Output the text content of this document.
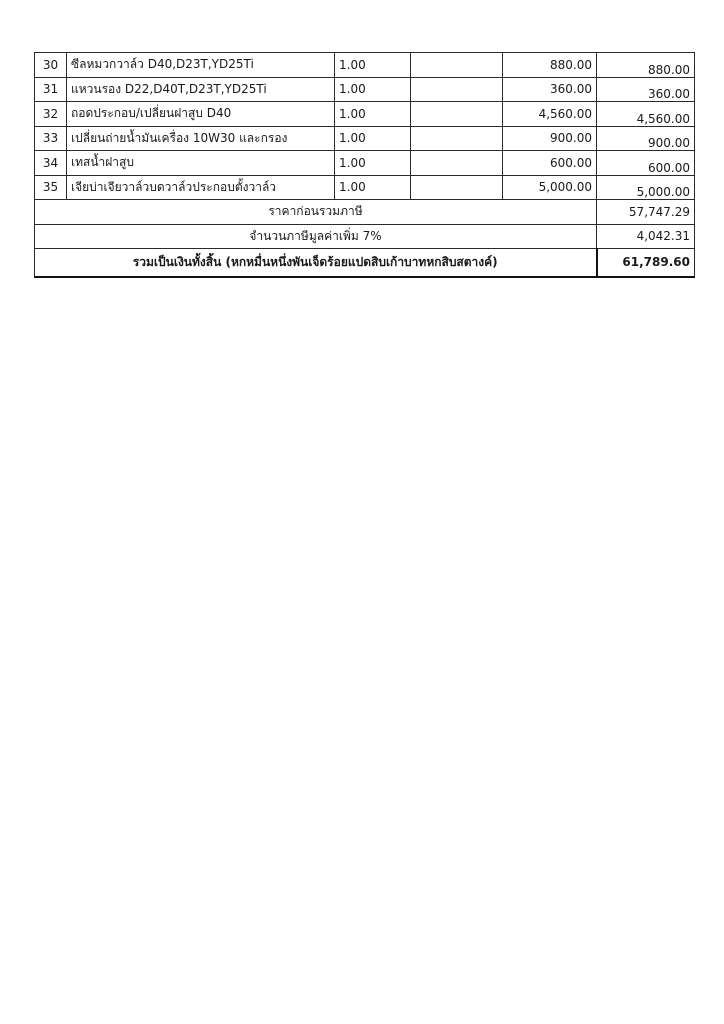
30	ซีลหมวกวาล์ว D40,D23T,YD25Ti	1.00		880.00	880.00
31	แหวนรอง D22,D40T,D23T,YD25Ti	1.00		360.00	360.00
32	ถอดประกอบ/เปลี่ยนฝาสูบ D40	1.00		4,560.00	4,560.00
33	เปลี่ยนถ่ายน้ำมันเครื่อง 10W30 และกรอง	1.00		900.00	900.00
34	เทสน้ำฝาสูบ	1.00		600.00	600.00
35	เจียบ่าเจียวาล์วบดวาล์วประกอบตั้งวาล์ว	1.00		5,000.00	5,000.00
ราคาก่อนรวมภาษี					57,747.29
จำนวนภาษีมูลค่าเพิ่ม 7%					4,042.31
รวมเป็นเงินทั้งสิ้น (หกหมื่นหนึ่งพันเจ็ดร้อยแปดสิบเก้าบาทหกสิบสตางค์)					61,789.60
